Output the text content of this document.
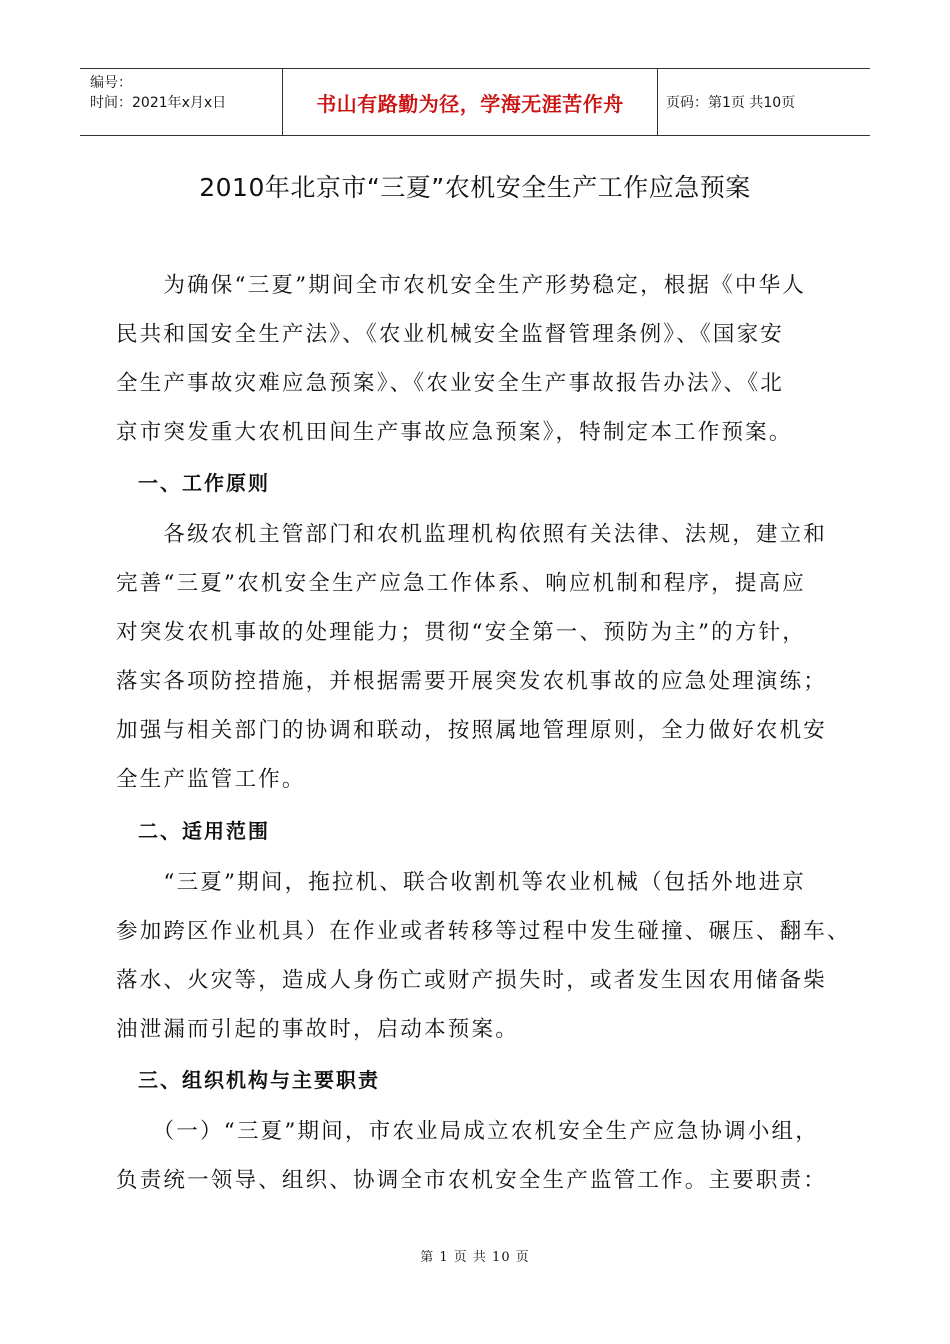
编号：
时间：2021年x月x日	书山有路勤为径，学海无涯苦作舟	页码：第1页 共10页
2010年北京市“三夏”农机安全生产工作应急预案
　　为确保“三夏”期间全市农机安全生产形势稳定，根据《中华人
民共和国安全生产法》、《农业机械安全监督管理条例》、《国家安
全生产事故灾难应急预案》、《农业安全生产事故报告办法》、《北
京市突发重大农机田间生产事故应急预案》，特制定本工作预案。
　一、工作原则
　　各级农机主管部门和农机监理机构依照有关法律、法规，建立和
完善“三夏”农机安全生产应急工作体系、响应机制和程序，提高应
对突发农机事故的处理能力；贯彻“安全第一、预防为主”的方针，
落实各项防控措施，并根据需要开展突发农机事故的应急处理演练；
加强与相关部门的协调和联动，按照属地管理原则，全力做好农机安
全生产监管工作。
　二、适用范围
　　“三夏”期间，拖拉机、联合收割机等农业机械（包括外地进京
参加跨区作业机具）在作业或者转移等过程中发生碰撞、碾压、翻车、
落水、火灾等，造成人身伤亡或财产损失时，或者发生因农用储备柴
油泄漏而引起的事故时，启动本预案。
　三、组织机构与主要职责
　　（一）“三夏”期间，市农业局成立农机安全生产应急协调小组，
负责统一领导、组织、协调全市农机安全生产监管工作。主要职责：
第 1 页 共 10 页
